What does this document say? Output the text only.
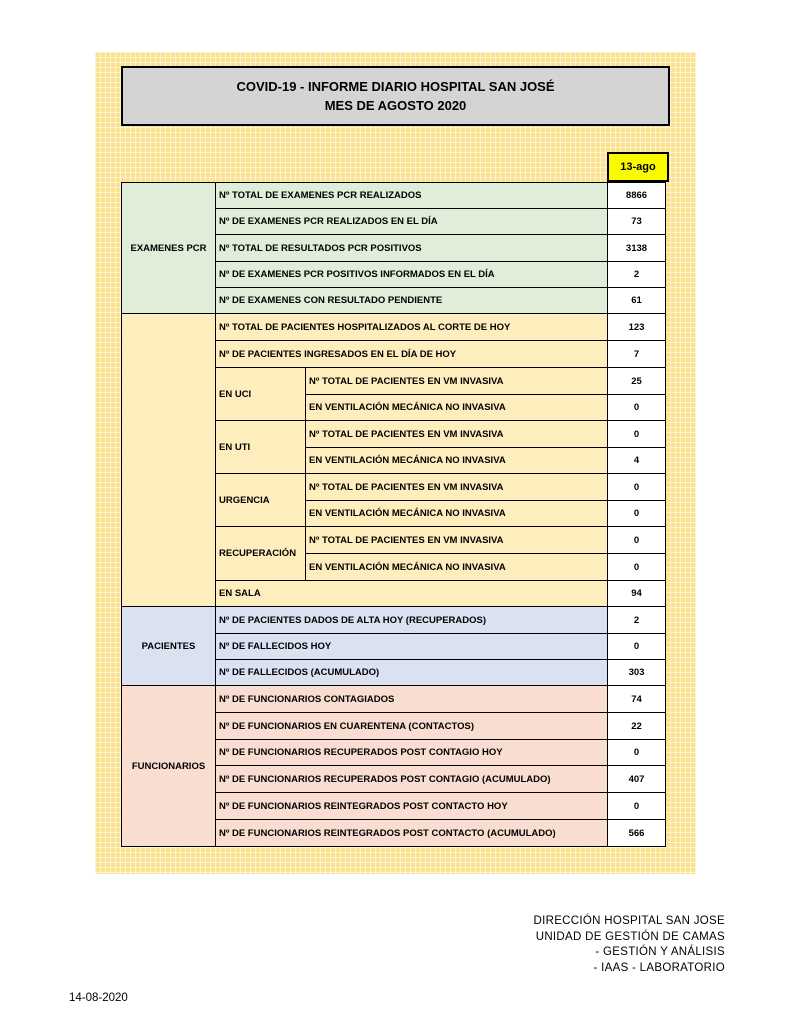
COVID-19 - INFORME DIARIO HOSPITAL SAN JOSÉ
MES DE AGOSTO 2020
13-ago
EXAMENES PCR
Nº TOTAL DE EXAMENES PCR REALIZADOS	8866
Nº DE EXAMENES PCR REALIZADOS EN EL DÍA	73
Nº TOTAL DE RESULTADOS PCR POSITIVOS	3138
Nº DE EXAMENES PCR POSITIVOS INFORMADOS EN EL DÍA	2
Nº DE EXAMENES CON RESULTADO PENDIENTE	61
Nº TOTAL DE PACIENTES HOSPITALIZADOS AL CORTE DE HOY	123
Nº DE PACIENTES INGRESADOS EN EL DÍA DE HOY	7
EN UCI
Nº TOTAL DE PACIENTES EN VM INVASIVA	25
EN VENTILACIÓN MECÁNICA NO INVASIVA	0
EN UTI
Nº TOTAL DE PACIENTES EN VM INVASIVA	0
EN VENTILACIÓN MECÁNICA NO INVASIVA	4
URGENCIA
Nº TOTAL DE PACIENTES EN VM INVASIVA	0
EN VENTILACIÓN MECÁNICA NO INVASIVA	0
RECUPERACIÓN
Nº TOTAL DE PACIENTES EN VM INVASIVA	0
EN VENTILACIÓN MECÁNICA NO INVASIVA	0
EN SALA	94
PACIENTES
Nº DE PACIENTES DADOS DE ALTA HOY (RECUPERADOS)	2
Nº DE FALLECIDOS HOY	0
Nº DE FALLECIDOS (ACUMULADO)	303
FUNCIONARIOS
Nº DE FUNCIONARIOS CONTAGIADOS	74
Nº DE FUNCIONARIOS EN CUARENTENA (CONTACTOS)	22
Nº DE FUNCIONARIOS RECUPERADOS POST CONTAGIO HOY	0
Nº DE FUNCIONARIOS RECUPERADOS POST CONTAGIO (ACUMULADO)	407
Nº DE FUNCIONARIOS REINTEGRADOS POST CONTACTO HOY	0
Nº DE FUNCIONARIOS REINTEGRADOS POST CONTACTO (ACUMULADO)	566
DIRECCIÓN HOSPITAL SAN JOSE
UNIDAD DE GESTIÓN DE CAMAS
- GESTIÓN Y ANÁLISIS
- IAAS - LABORATORIO
14-08-2020
